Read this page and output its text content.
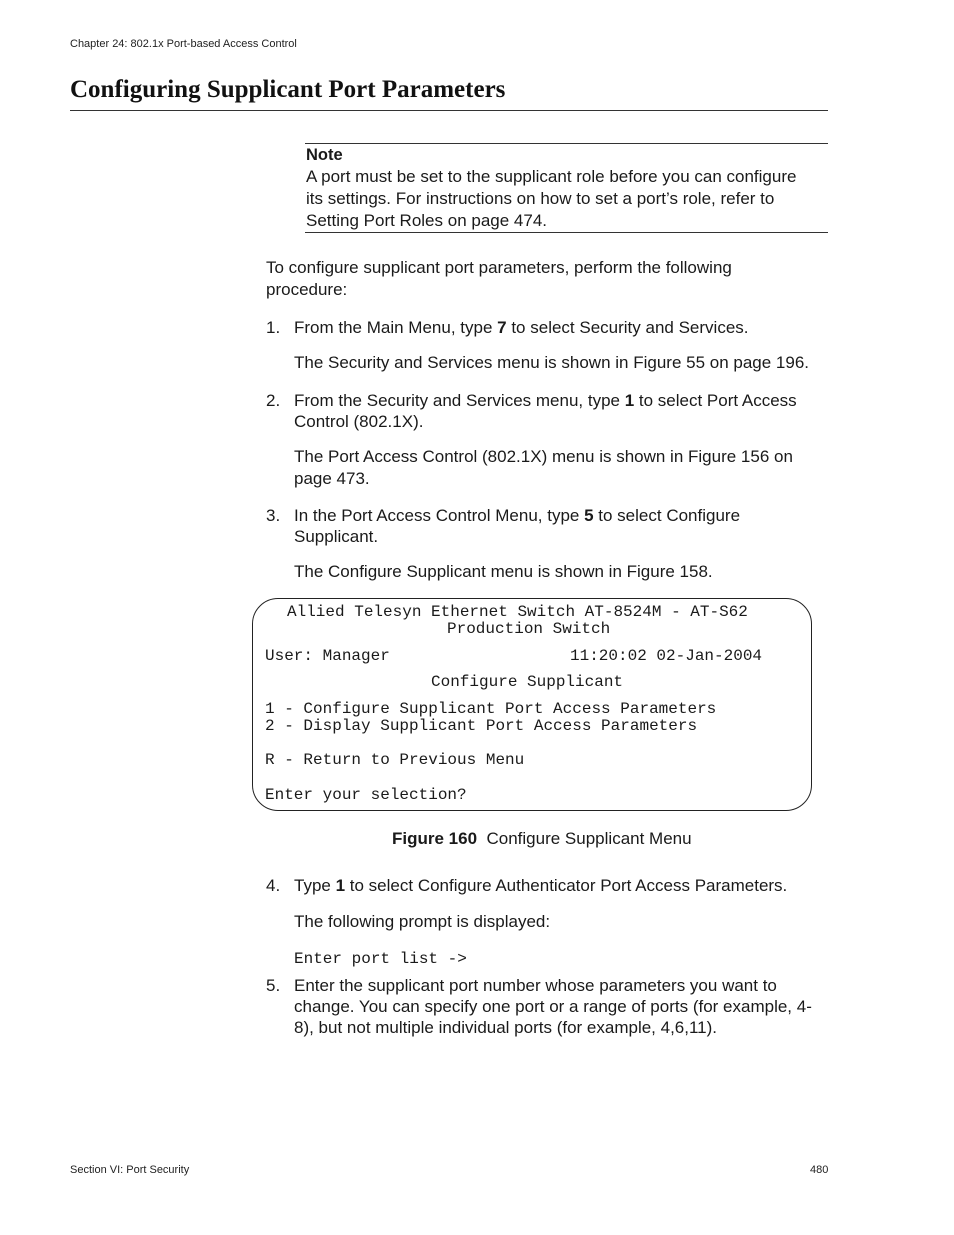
Chapter 24: 802.1x Port-based Access Control
Configuring Supplicant Port Parameters
Note
A port must be set to the supplicant role before you can configure
its settings. For instructions on how to set a port’s role, refer to
Setting Port Roles on page 474.
To configure supplicant port parameters, perform the following
procedure:
1. From the Main Menu, type 7 to select Security and Services.
The Security and Services menu is shown in Figure 55 on page 196.
2. From the Security and Services menu, type 1 to select Port Access
Control (802.1X).
The Port Access Control (802.1X) menu is shown in Figure 156 on
page 473.
3. In the Port Access Control Menu, type 5 to select Configure
Supplicant.
The Configure Supplicant menu is shown in Figure 158.
Allied Telesyn Ethernet Switch AT-8524M - AT-S62
Production Switch
User: Manager	11:20:02 02-Jan-2004
Configure Supplicant
1 - Configure Supplicant Port Access Parameters
2 - Display Supplicant Port Access Parameters
R - Return to Previous Menu
Enter your selection?
Figure 160 Configure Supplicant Menu
4. Type 1 to select Configure Authenticator Port Access Parameters.
The following prompt is displayed:
Enter port list ->
5. Enter the supplicant port number whose parameters you want to
change. You can specify one port or a range of ports (for example, 4-
8), but not multiple individual ports (for example, 4,6,11).
Section VI: Port Security	480
